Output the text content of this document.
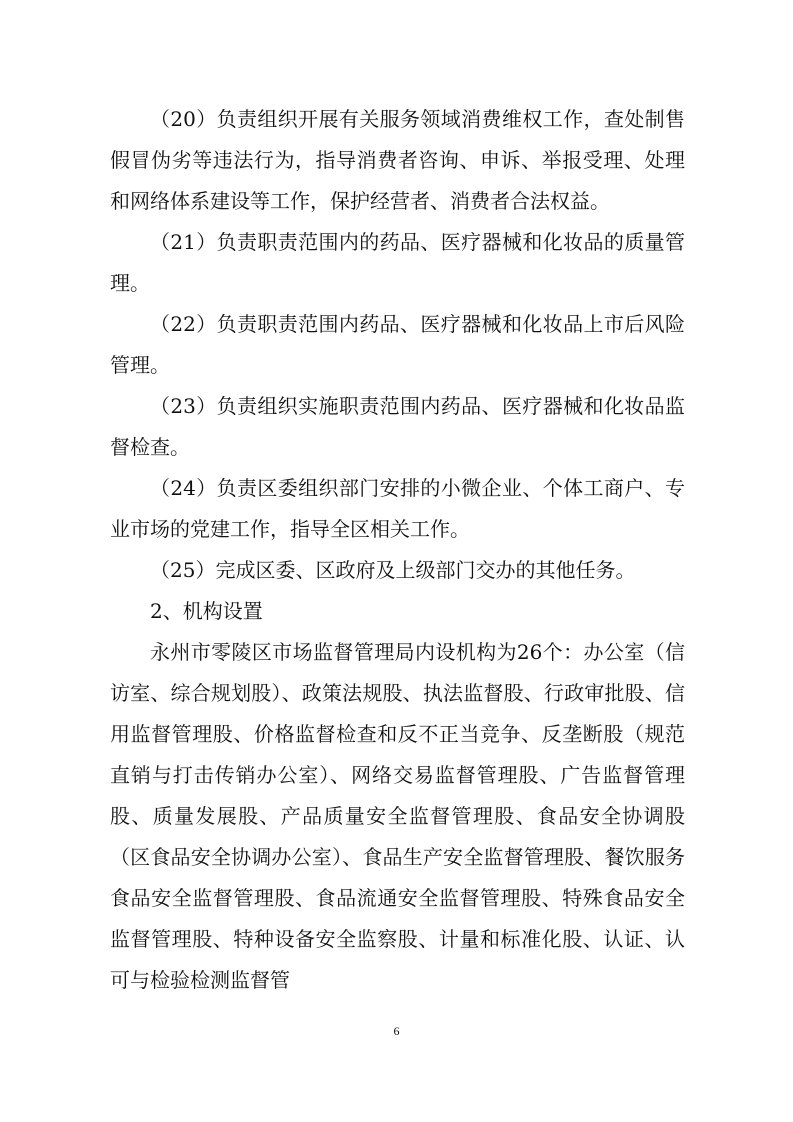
（20）负责组织开展有关服务领域消费维权工作，查处制售假冒伪劣等违法行为，指导消费者咨询、申诉、举报受理、处理和网络体系建设等工作，保护经营者、消费者合法权益。

（21）负责职责范围内的药品、医疗器械和化妆品的质量管理。

（22）负责职责范围内药品、医疗器械和化妆品上市后风险管理。

（23）负责组织实施职责范围内药品、医疗器械和化妆品监督检查。

（24）负责区委组织部门安排的小微企业、个体工商户、专业市场的党建工作，指导全区相关工作。

（25）完成区委、区政府及上级部门交办的其他任务。

2、机构设置

永州市零陵区市场监督管理局内设机构为26个：办公室（信访室、综合规划股）、政策法规股、执法监督股、行政审批股、信用监督管理股、价格监督检查和反不正当竞争、反垄断股（规范直销与打击传销办公室）、网络交易监督管理股、广告监督管理股、质量发展股、产品质量安全监督管理股、食品安全协调股（区食品安全协调办公室）、食品生产安全监督管理股、餐饮服务食品安全监督管理股、食品流通安全监督管理股、特殊食品安全监督管理股、特种设备安全监察股、计量和标准化股、认证、认可与检验检测监督管

6
